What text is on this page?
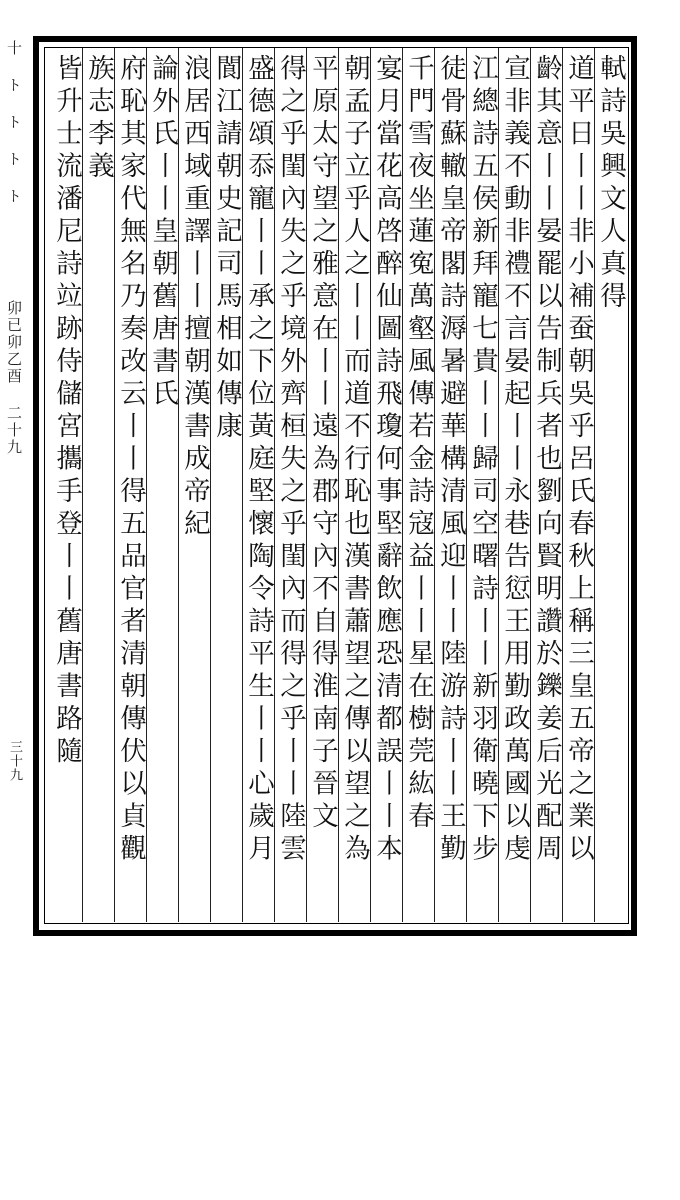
十 ト ト ト ト
卯已卯乙酉 二十九
三十九
軾詩吳興文人真得
道平日丨丨非小補蚕朝吳乎呂氏春秋上稱三皇五帝之業以
齡其意丨丨晏罷以告制兵者也劉向賢明讚於鑠姜后光配周
宣非義不動非禮不言晏起丨丨永巷告愆王用勤政萬國以虔
江總詩五侯新拜寵七貴丨丨歸司空曙詩丨丨新羽衛曉下步
徒骨蘇轍皇帝閣詩溽暑避華構清風迎丨丨陸游詩丨丨王勤
千門雪夜坐蓮寃萬壑風傳若金詩寇益丨丨星在樹莞紘春
宴月當花高啓醉仙圖詩飛瓊何事堅辭飲應恐清都誤丨丨本
朝孟子立乎人之丨丨而道不行恥也漢書蕭望之傳以望之為
平原太守望之雅意在丨丨遠為郡守內不自得淮南子晉文
得之乎閨內失之乎境外齊桓失之乎閨內而得之乎丨丨陸雲
盛德頌忝寵丨丨承之下位黃庭堅懷陶令詩平生丨丨心歲月
閬江請朝史記司馬相如傳康
浪居西域重譯丨丨擅朝漢書成帝紀
論外氏丨丨皇朝舊唐書氏
府恥其家代無名乃奏改云丨丨得五品官者清朝傳伏以貞觀
族志李義
皆升士流潘尼詩竝跡侍儲宮攜手登丨丨舊唐書路隨
